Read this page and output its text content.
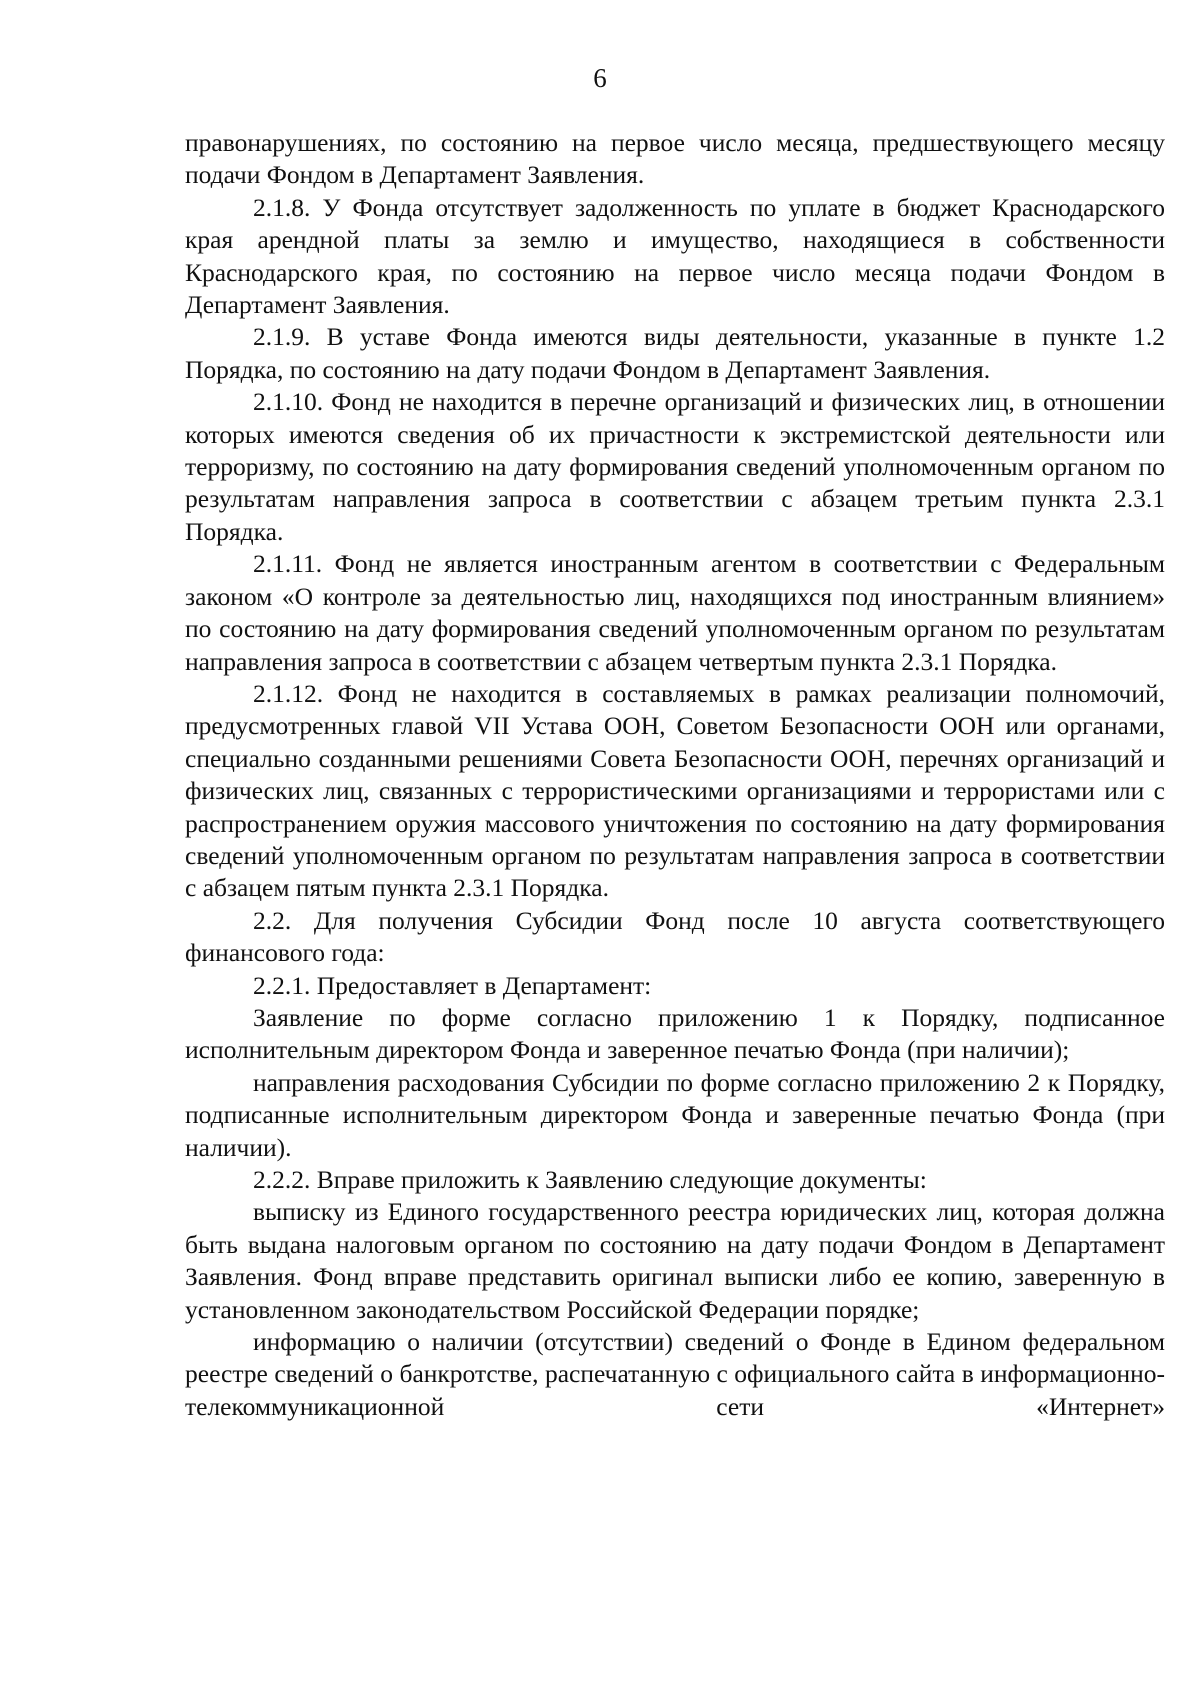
6

правонарушениях, по состоянию на первое число месяца, предшествующего месяцу подачи Фондом в Департамент Заявления.

2.1.8. У Фонда отсутствует задолженность по уплате в бюджет Краснодарского края арендной платы за землю и имущество, находящиеся в собственности Краснодарского края, по состоянию на первое число месяца подачи Фондом в Департамент Заявления.

2.1.9. В уставе Фонда имеются виды деятельности, указанные в пункте 1.2 Порядка, по состоянию на дату подачи Фондом в Департамент Заявления.

2.1.10. Фонд не находится в перечне организаций и физических лиц, в отношении которых имеются сведения об их причастности к экстремистской деятельности или терроризму, по состоянию на дату формирования сведений уполномоченным органом по результатам направления запроса в соответствии с абзацем третьим пункта 2.3.1 Порядка.

2.1.11. Фонд не является иностранным агентом в соответствии с Федеральным законом «О контроле за деятельностью лиц, находящихся под иностранным влиянием» по состоянию на дату формирования сведений уполномоченным органом по результатам направления запроса в соответствии с абзацем четвертым пункта 2.3.1 Порядка.

2.1.12. Фонд не находится в составляемых в рамках реализации полномочий, предусмотренных главой VII Устава ООН, Советом Безопасности ООН или органами, специально созданными решениями Совета Безопасности ООН, перечнях организаций и физических лиц, связанных с террористическими организациями и террористами или с распространением оружия массового уничтожения по состоянию на дату формирования сведений уполномоченным органом по результатам направления запроса в соответствии с абзацем пятым пункта 2.3.1 Порядка.

2.2. Для получения Субсидии Фонд после 10 августа соответствующего финансового года:

2.2.1. Предоставляет в Департамент:

Заявление по форме согласно приложению 1 к Порядку, подписанное исполнительным директором Фонда и заверенное печатью Фонда (при наличии);

направления расходования Субсидии по форме согласно приложению 2 к Порядку, подписанные исполнительным директором Фонда и заверенные печатью Фонда (при наличии).

2.2.2. Вправе приложить к Заявлению следующие документы:

выписку из Единого государственного реестра юридических лиц, которая должна быть выдана налоговым органом по состоянию на дату подачи Фондом в Департамент Заявления. Фонд вправе представить оригинал выписки либо ее копию, заверенную в установленном законодательством Российской Федерации порядке;

информацию о наличии (отсутствии) сведений о Фонде в Едином федеральном реестре сведений о банкротстве, распечатанную с официального сайта в информационно-телекоммуникационной сети «Интернет»
